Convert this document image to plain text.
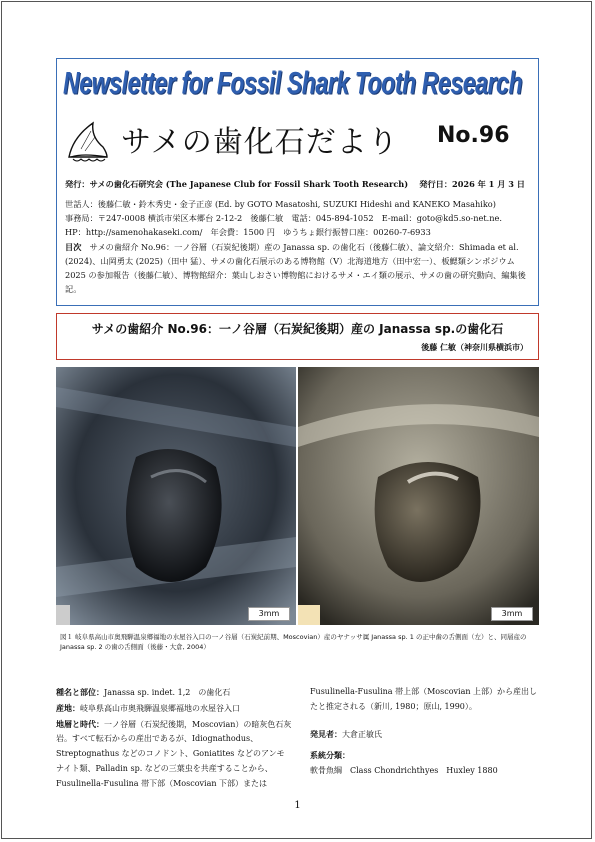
Newsletter for Fossil Shark Tooth Research
サメの歯化石だより No.96
発行：サメの歯化石研究会 (The Japanese Club for Fossil Shark Tooth Research) 発行日：2026 年 1 月 3 日
世話人：後藤仁敏・鈴木秀史・金子正彦 (Ed. by GOTO Masatoshi, SUZUKI Hideshi and KANEKO Masahiko)
事務局：〒247-0008 横浜市栄区本郷台 2-12-2　後藤仁敏　電話：045-894-1052　E-mail：goto@kd5.so-net.ne.
HP：http://samenohakaseki.com/　年会費：1500 円　ゆうちょ銀行振替口座：00260-7-6933
目次　 サメの歯紹介 No.96：一ノ谷層（石炭紀後期）産の Janassa sp. の歯化石（後藤仁敏）、論文紹介：Shimada et al. (2024)、山岡勇太 (2025)（田中 猛）、サメの歯化石展示のある博物館（V）北海道地方（田中宏一）、板鰓類シンポジウム 2025 の参加報告（後藤仁敏）、博物館紹介：葉山しおさい博物館におけるサメ・エイ類の展示、サメの歯の研究動向、編集後記。
サメの歯紹介 No.96：一ノ谷層（石炭紀後期）産の Janassa sp.の歯化石
後藤 仁敏（神奈川県横浜市）
3mm	3mm
図１ 岐阜県高山市奥飛騨温泉郷福地の水屋谷入口の一ノ谷層（石炭紀前期、Moscovian）産のヤナッサ属 Janassa sp. 1 の正中歯の舌側面（左）と、同層産の Janassa sp. 2 の歯の舌側面（後藤・大倉, 2004）
種名と部位：Janassa sp. indet. 1,2　の歯化石
産地：岐阜県高山市奥飛騨温泉郷福地の水屋谷入口
地層と時代：一ノ谷層（石炭紀後期，Moscovian）の暗灰色石灰岩。すべて転石からの産出であるが、Idiognathodus、Streptognathus などのコノドント、Goniatites などのアンモナイト類、Palladin sp. などの三葉虫を共産することから、Fusulinella-Fusulina 帯下部（Moscovian 下部）または
Fusulinella-Fusulina 帯上部（Moscovian 上部）から産出したと推定される（新川, 1980；原山, 1990）。
発見者：大倉正敏氏
系統分類：
軟骨魚綱　Class Chondrichthyes　Huxley 1880
1
